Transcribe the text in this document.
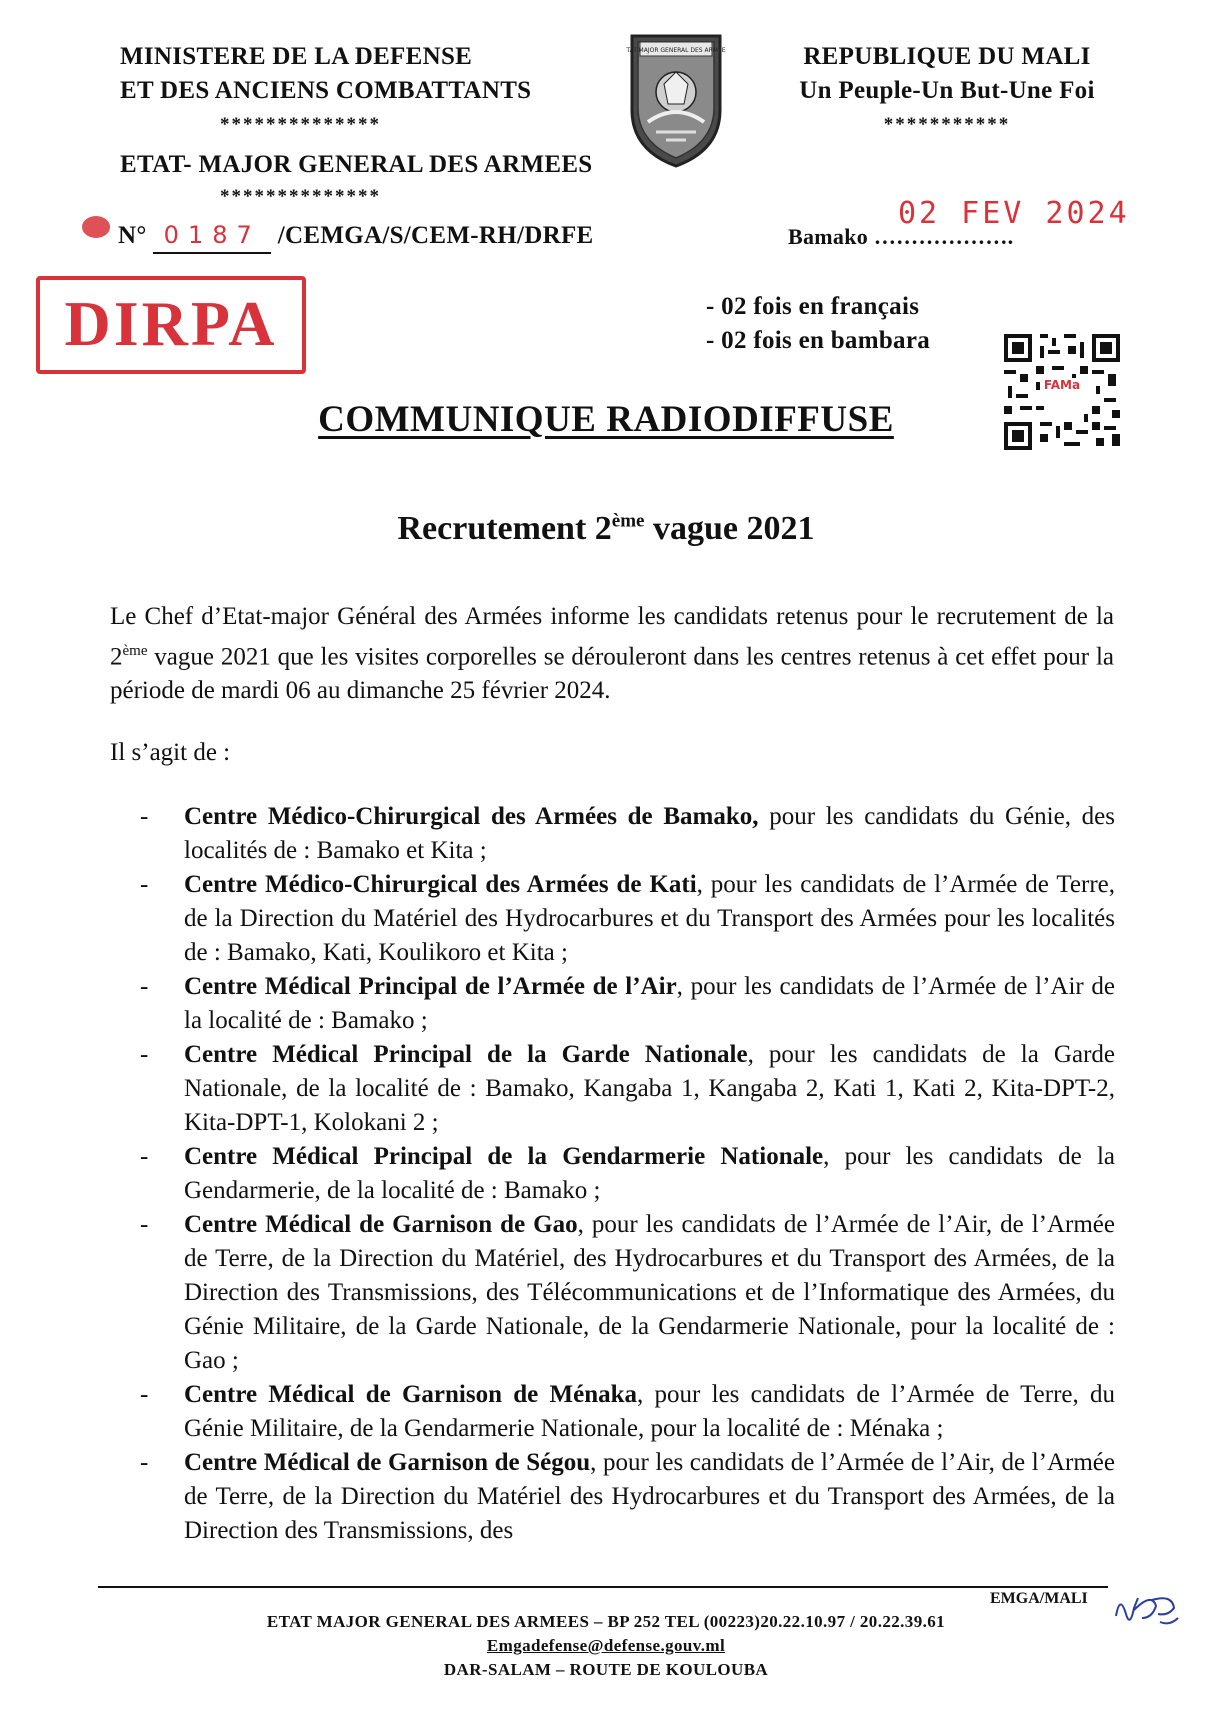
MINISTERE DE LA DEFENSE
ET DES ANCIENS COMBATTANTS
**************
ETAT- MAJOR GENERAL DES ARMEES
**************
ETAT-MAJOR GENERAL DES ARMEES	REPUBLIQUE DU MALI
Un Peuple-Un But-Une Foi
***********
N° 0187 /CEMGA/S/CEM-RH/DRFE	Bamako ……………….
02 FEV 2024
DIRPA	- 02 fois en français
- 02 fois en bambara
FAMa
COMMUNIQUE RADIODIFFUSE
Recrutement 2ème vague 2021
Le Chef d’Etat-major Général des Armées informe les candidats retenus pour le recrutement de la 2ème vague 2021 que les visites corporelles se dérouleront dans les centres retenus à cet effet pour la période de mardi 06 au dimanche 25 février 2024.
Il s’agit de :
- Centre Médico-Chirurgical des Armées de Bamako, pour les candidats du Génie, des localités de : Bamako et Kita ;
- Centre Médico-Chirurgical des Armées de Kati, pour les candidats de l’Armée de Terre, de la Direction du Matériel des Hydrocarbures et du Transport des Armées pour les localités de : Bamako, Kati, Koulikoro et Kita ;
- Centre Médical Principal de l’Armée de l’Air, pour les candidats de l’Armée de l’Air de la localité de : Bamako ;
- Centre Médical Principal de la Garde Nationale, pour les candidats de la Garde Nationale, de la localité de : Bamako, Kangaba 1, Kangaba 2, Kati 1, Kati 2, Kita-DPT-2, Kita-DPT-1, Kolokani 2 ;
- Centre Médical Principal de la Gendarmerie Nationale, pour les candidats de la Gendarmerie, de la localité de : Bamako ;
- Centre Médical de Garnison de Gao, pour les candidats de l’Armée de l’Air, de l’Armée de Terre, de la Direction du Matériel, des Hydrocarbures et du Transport des Armées, de la Direction des Transmissions, des Télécommunications et de l’Informatique des Armées, du Génie Militaire, de la Garde Nationale, de la Gendarmerie Nationale, pour la localité de : Gao ;
- Centre Médical de Garnison de Ménaka, pour les candidats de l’Armée de Terre, du Génie Militaire, de la Gendarmerie Nationale, pour la localité de : Ménaka ;
- Centre Médical de Garnison de Ségou, pour les candidats de l’Armée de l’Air, de l’Armée de Terre, de la Direction du Matériel des Hydrocarbures et du Transport des Armées, de la Direction des Transmissions, des
EMGA/MALI
ETAT MAJOR GENERAL DES ARMEES – BP 252 TEL (00223)20.22.10.97 / 20.22.39.61
Emgadefense@defense.gouv.ml
DAR-SALAM – ROUTE DE KOULOUBA
